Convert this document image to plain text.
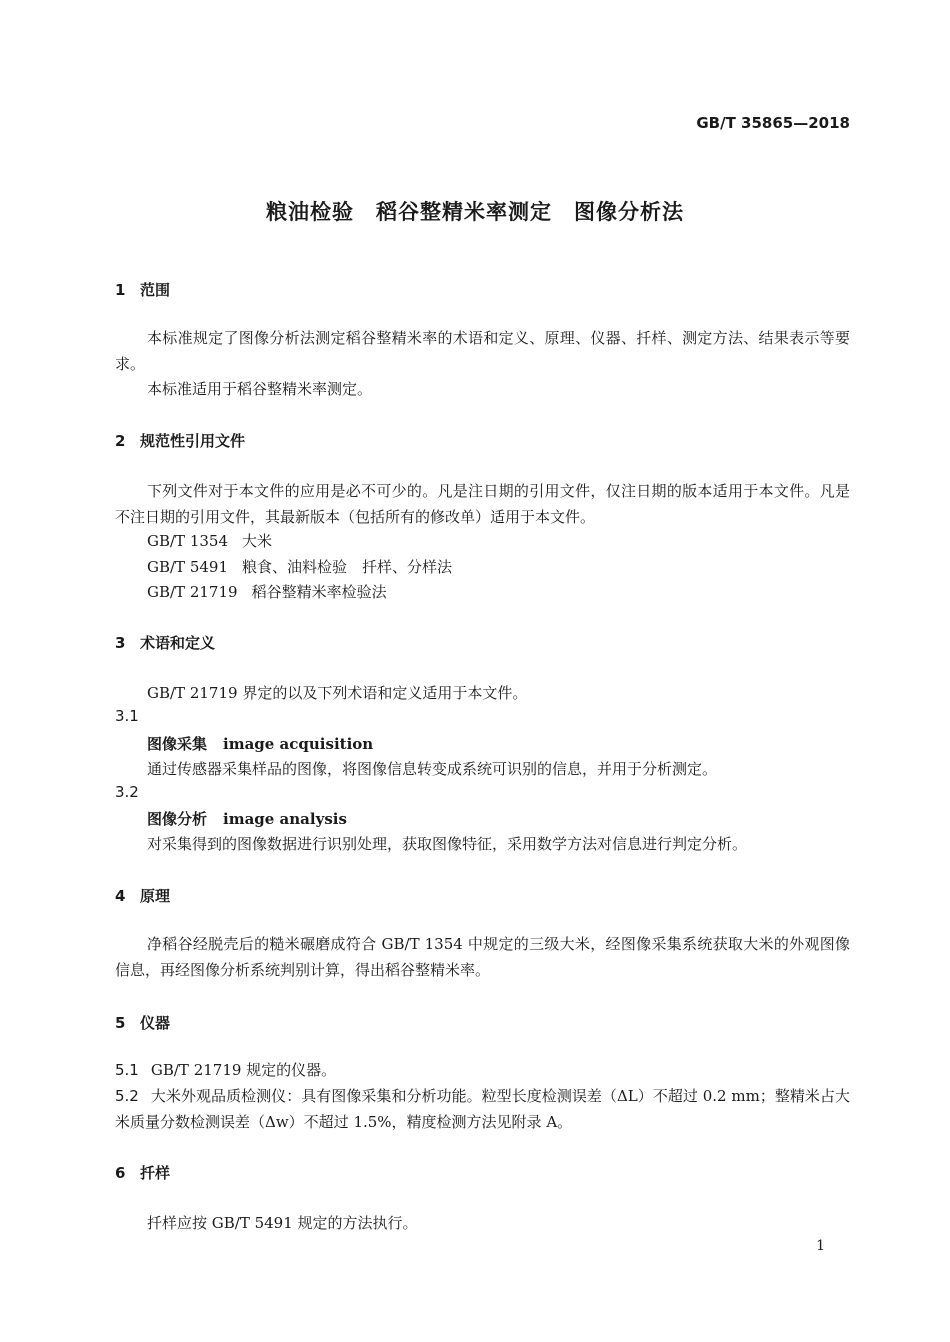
GB/T 35865—2018
粮油检验　稻谷整精米率测定　图像分析法
1 范围
本标准规定了图像分析法测定稻谷整精米率的术语和定义、原理、仪器、扦样、测定方法、结果表示等要求。
本标准适用于稻谷整精米率测定。
2 规范性引用文件
下列文件对于本文件的应用是必不可少的。凡是注日期的引用文件，仅注日期的版本适用于本文件。凡是不注日期的引用文件，其最新版本（包括所有的修改单）适用于本文件。
GB/T 1354 大米
GB/T 5491 粮食、油料检验　扦样、分样法
GB/T 21719 稻谷整精米率检验法
3 术语和定义
GB/T 21719 界定的以及下列术语和定义适用于本文件。
3.1
图像采集 image acquisition
通过传感器采集样品的图像，将图像信息转变成系统可识别的信息，并用于分析测定。
3.2
图像分析 image analysis
对采集得到的图像数据进行识别处理，获取图像特征，采用数学方法对信息进行判定分析。
4 原理
净稻谷经脱壳后的糙米碾磨成符合 GB/T 1354 中规定的三级大米，经图像采集系统获取大米的外观图像信息，再经图像分析系统判别计算，得出稻谷整精米率。
5 仪器
5.1 GB/T 21719 规定的仪器。
5.2 大米外观品质检测仪：具有图像采集和分析功能。粒型长度检测误差（ΔL）不超过 0.2 mm；整精米占大米质量分数检测误差（Δw）不超过 1.5%，精度检测方法见附录 A。
6 扦样
扦样应按 GB/T 5491 规定的方法执行。
1
